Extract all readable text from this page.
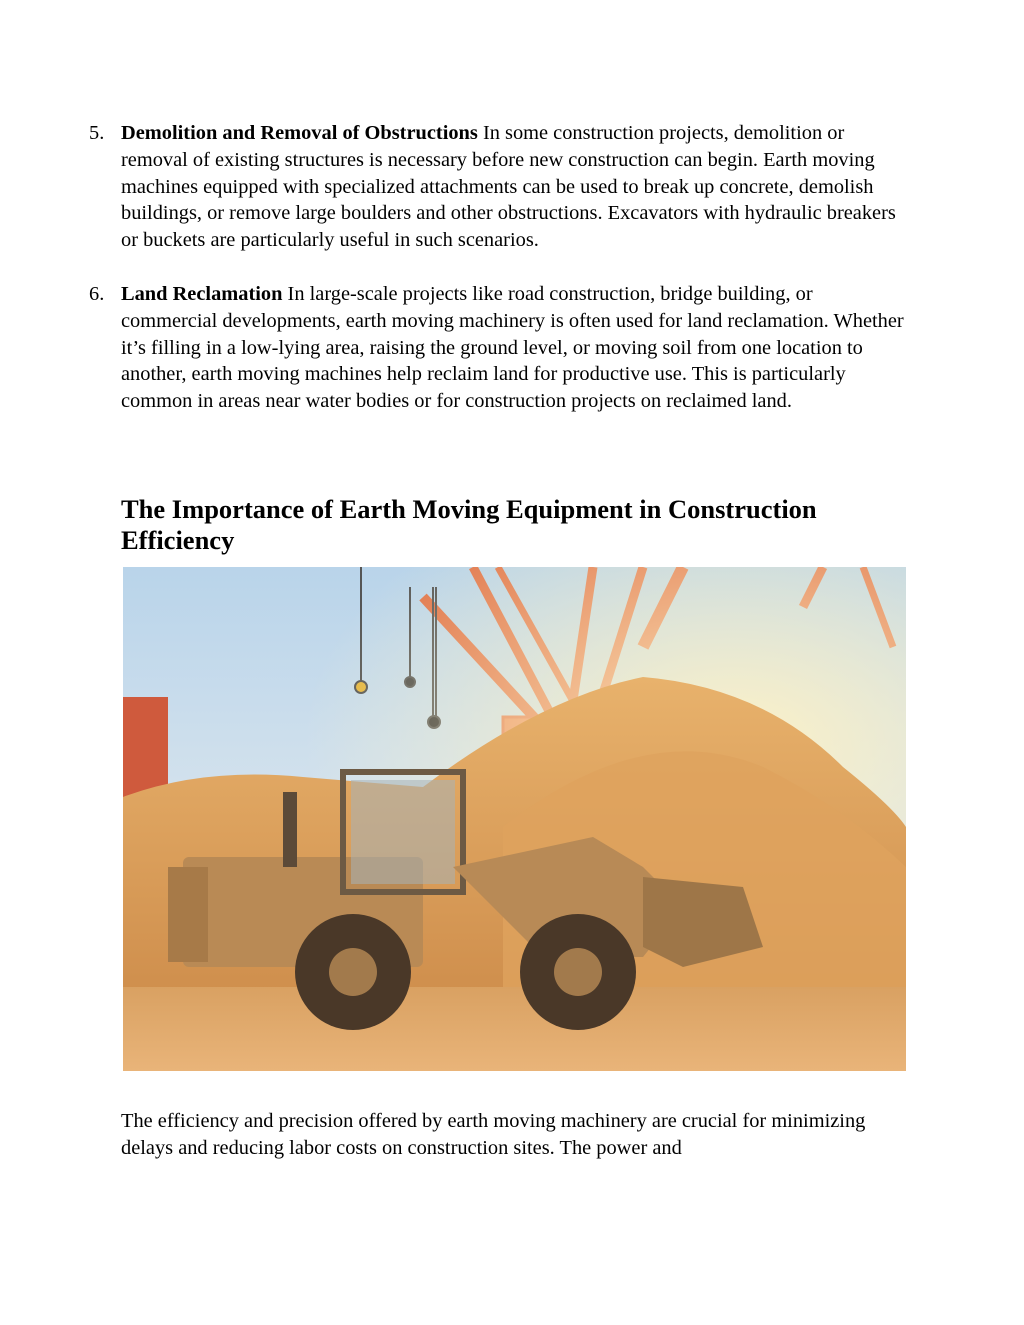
5. Demolition and Removal of Obstructions In some construction projects, demolition or removal of existing structures is necessary before new construction can begin. Earth moving machines equipped with specialized attachments can be used to break up concrete, demolish buildings, or remove large boulders and other obstructions. Excavators with hydraulic breakers or buckets are particularly useful in such scenarios.
6. Land Reclamation In large-scale projects like road construction, bridge building, or commercial developments, earth moving machinery is often used for land reclamation. Whether it’s filling in a low-lying area, raising the ground level, or moving soil from one location to another, earth moving machines help reclaim land for productive use. This is particularly common in areas near water bodies or for construction projects on reclaimed land.
The Importance of Earth Moving Equipment in Construction Efficiency

The efficiency and precision offered by earth moving machinery are crucial for minimizing delays and reducing labor costs on construction sites. The power and
